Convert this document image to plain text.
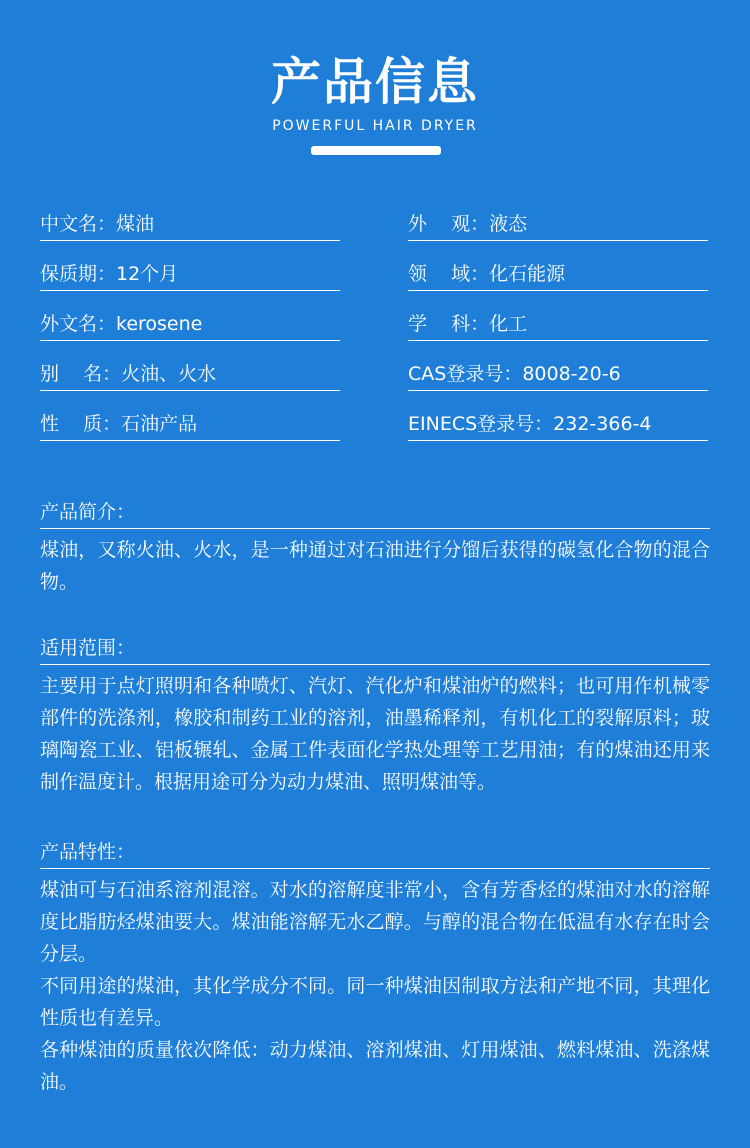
产品信息
POWERFUL HAIR DRYER
中文名：煤油
保质期：12个月
外文名：kerosene
别    名：火油、火水
性    质：石油产品
外    观：液态
领    域：化石能源
学    科：化工
CAS登录号：8008-20-6
EINECS登录号：232-366-4
产品简介：

煤油，又称火油、火水，是一种通过对石油进行分馏后获得的碳氢化合物的混合物。

适用范围：

主要用于点灯照明和各种喷灯、汽灯、汽化炉和煤油炉的燃料；也可用作机械零部件的洗涤剂，橡胶和制药工业的溶剂，油墨稀释剂，有机化工的裂解原料；玻璃陶瓷工业、铝板辗轧、金属工件表面化学热处理等工艺用油；有的煤油还用来制作温度计。根据用途可分为动力煤油、照明煤油等。

产品特性：

煤油可与石油系溶剂混溶。对水的溶解度非常小，含有芳香烃的煤油对水的溶解度比脂肪烃煤油要大。煤油能溶解无水乙醇。与醇的混合物在低温有水存在时会分层。

不同用途的煤油，其化学成分不同。同一种煤油因制取方法和产地不同，其理化性质也有差异。

各种煤油的质量依次降低：动力煤油、溶剂煤油、灯用煤油、燃料煤油、洗涤煤油。
